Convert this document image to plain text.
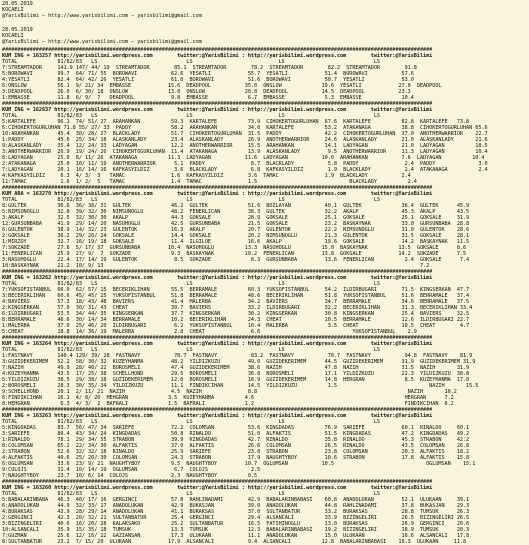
28.05.2019
KOCAELI
@YarisBilimi — http://www.yarisbilimi.com — yarisbilimi@gmail.com
28.05.2019
KOCAELI
@YarisBilimi — http://www.yarisbilimi.com — yarisbilimi@gmail.com
############################################################################################################################################
KUM ING = 163257 http://yarisbilimi.wordpress.com        twitter:@YarisBilimi : http://yarisbilimi.wordpress.com        twitter:@YarisBilimi
TOTAL             81/82/83   LS                             LS                            LS                             LS
7:STREAMTADOR     141.9 147/ 44/ 19  STREAMTADOR        85.1  STREAMTADOR        78.2  STREAMTADOR        82.2  STREAMTADOR        91.8
5:BOROWAVI        99.7  64/ 71/ 55  BOROWAVI           62.6  YESATLI            55.7  YESATLI            51.4  BOROWAVI           57.6
4:YESATLI         82.4  64/ 42/ 26  YESATLI            61.0  BOROWAVI           51.6  BOROWAVI           50.7  YESATLI            53.0
6:ONSLOW          56.1  9/ 21/ 34  EMBASSE            15.6  DEADPOOL           35.0  ONSLOW             19.6  YESATLI            27.0  DEADPOOL
3:DEADPOOL        26.0  6/ 30/ 18  ONSLOW             13.8  ONSLOW             20.8  DEADPOOL           14.5  DEADPOOL           23.3
1:EMBASSE         11.8  6/ 9/  7   DEADPOOL            9.8  EMBASSE             6.7  EMBASSE             5.3  EMBASSE             10.4
############################################################################################################################################
KUM ING = 162637 http://yarisbilimi.wordpress.com        twitter:@YarisBilimi : http://yarisbilimi.wordpress.com        twitter:@YarisBilimi
TOTAL             81/82/83   LS                             LS                            LS                             LS
5:KARTALEFE       96.1  74/ 51/ 27  ARAHANKAN          59.3  KARTALEFE          73.9  CIHOKERTOGURLUHAN  67.6  KARTALEFE          82.8  KARTALEFE   73.8
6:CIHOKERTOGURLUHAN 71.8 55/ 27/ 33  PADDY             58.2  ARAHANKAN          34.0  KARTALEFE          53.2  ATAKANAGA          38.8  CIHOKERTOGURLUHAN 65.6
10:ARAHANKAN      45.4  30/ 28/ 27  BLACKLADY          51.7  CIHOKERTOGURLUHAN  31.5  PADDY              42.2  CIHOKERTOGURLUHAN  37.0  ANOTHERWARRIOR    22.7
1:PADDY           45.6  25/ 34/ 18  ALASKANLADY        23.4  ALASKANLADY        26.9  ANOTHERWARRIOR     24.6  ALASKANLADY        21.0  ALASKANLADY       21.6
9:ALASKANLADY     35.4  12/ 24/ 33  LADYAGAN           12.2  ANOTHERWARRIOR     15.5  ARAHANKAN          14.1  LADYAGAN           21.0  LADYAGAN          18.5
3:ANOTHERWARRIOR  26.9  19/ 24/ 26  CIHOKERTOGURLUHAN  11.4  ATAKANAGA          13.9  ALASKANLADY         9.5  ANOTHERWARRIOR     11.3  LADYAGAN          10.4
8:LADYAGAN        25.0  8/ 11/ 26  ATAKANAGA          11.3  LADYAGAN           11.6  LADYAGAN           10.0  ARAHANKAN           7.6  LADYAGAN          10.4
2:ATAKANAGA       25.0  10/ 11/ 19  ANOTHERWARRIOR      5.1  PADDY               8.7  BLACKLADY           5.8  PADDY               2.4  PADDY              3.0
7:LADYAGAN        20.1  16/ 14/ 16  KAFKASYILDIZ        3.6  BLACKLADY           6.8  KAFKASYILDIZ        1.9  BLACKLADY           2.4  ATAKANAGA          2.4
4:KAFKASYILDIZ     6.3  4/ 3/  3   TAMAC               1.6  KAFKASYILDIZ        3.6  TAMAC               1.9  BLACKLADY           2.4
11:TAMAC           1.6  1/ 2/  5   TAMAC               1.4  TAMAC               1.5                              BLACKLADY          2.4
############################################################################################################################################
KUM ARA = 163270 http://yarisbilimi.wordpress.com        twitter:@YarisBilimi : http://yarisbilimi.wordpress.com        twitter:@YarisBilimi
TOTAL             81/82/83   LS                             LS                            LS                             LS
8:GULTEK          36.6  36/ 38/ 31  GULTEK             46.2  GULTEK             51.6  BOZLAYAN           40.1  GULTEK             36.4  GULTEK      45.9
5:NIMSUNOGLU      32.8  39/ 32/ 30  NIMSUNOGLU         48.2  FENERLICAN         38.3  GULTEK             32.2  AKALP              45.3  AKALP       43.5
3:AKALF           32.5  32/ 30/ 30  AKALP              44.3  GOKSALE            28.9  GOKSALE            25.1  GOKSALE            25.1  GOKSALE     31.9
12:GURSUNBABA     41.9  29/ 14/ 20  NASUHOGLU          42.5  GURSUNBABA         21.5  GOKSALE            23.2  BASKAYNAK          33.0  GURSUNBABA  28.8
6:GULENTOK        38.9  14/ 32/ 23  GULENTOK           16.3  AKALP              20.7  GULENTOK           22.2  NIMSUNOGLU         31.0  GULENTOK    28.6
2:GOKSALE         36.2  29/ 26/ 24  GOKSALE            14.4  GOKSALE            20.2  NIMSUNOGLU         21.3  GULENTOK           31.5  GOKSALE     28.1
1:MIRZOY          32.7  16/ 19/ 18  GOKSALE            11.4  ILGILOE            16.6  AKALP              19.6  GOKSALE            14.2  BASKAYNAK   11.5
7:SOKZADE         27.6  5/ 17/ 37  GURSUNBABA         10.4  NASUHOGLU          13.3  NASUHOGLU          15.0  BASKAYNAK          13.5  GOKSALE      8.6
11:FENERLICAN     25.9  27/ 9/  7  SOKZADE             9.3  BASKAYNAK          10.2  FENERLICAN         13.8  GOKSALE            14.2  SOKZADE      7.5
3:NASUHOGLU       22.4  17/ 14/ 19  GULENTOK            8.5  SOKZADE             8.3  GURSUNBABA         13.6  FENERLICAN          2.4  GOKSALE      7.4
10:BASKAYNAK      21.2  10/ 9/ 13                                                                                                       7.2
############################################################################################################################################
KUM ING = 163262 http://yarisbilimi.wordpress.com        twitter:@YarisBilimi : http://yarisbilimi.wordpress.com        twitter:@YarisBilimi
TOTAL             81/82/83   LS                             LS                            LS                             LS
7:YUKSOFISTANBUL  66.0  62/ 57/ 15  BECERIKLIHAN       55.5  BERRAMALE          60.3  YUKSOFISTANBUL     54.2  ILDIRBUGARI        71.5  KINGSERKAN  47.7
3:BECERIKLIHAN    60.6  45/ 45/ 25  YUKSOFISTANBUL     51.8  BERRAMALE          48.6  BECERIKLIHAN       51.8  YUKSOFISTANBUL     51.6  BERRAMALE   37.4
4:BAVIERS         57.3  18/ 43/ 48  BAVIERS            41.4  MALERBA            34.2  BAVIERS            34.7  BERRAMALE          34.6  BERRAMALE   37.5
2:KINGSERKAN      57.0  30/ 31/ 43  CHEAT              39.7  BAVIERS            33.2  ILDIRBUGARI        32.2  BECERIKLIHAN       31.3  BECERIKLIHAN 33.4
6:ILDIRBUGARI     53.5  34/ 44/ 35  KINGSERKAN         37.7  KINGSERKAN         30.2  KINGSERKAN         30.8  KINGSERKAN         25.4  BAVIERS     32.5
8:BERRAMALE       46.6  30/ 14/ 34  BERRAMALE          10.2  BECERIKLIHAN       24.3  CHEAT              10.5  BERRAMALE          12.6  ILDIRBUGARI 22.7
1:MALERBA         37.0  25/ 46/ 20  ILDIRBUGARI         6.2  YUKSOFISTANBUL     10.4  MALERBA             3.5  CHEAT              10.5  CHEAT        4.7
5:CHEAT           18.8  14/ 36/ 19  MALERBA             2.8  CHEAT               6.6                              YUKSOFISTANBUL    2.9
############################################################################################################################################
KUM ING = 163264 http://yarisbilimi.wordpress.com        twitter:@YarisBilimi : http://yarisbilimi.wordpress.com        twitter:@YarisBilimi
TOTAL             81/82/83   LS                             LS                            LS                             LS
1:FASTNAVY        140.4 129/ 39/ 28  FASTNAVY           78.7  FASTNAVY           83.2  FASTNAVY           70.7  FASTNAVY           94.8  FASTNAVY    81.9
3:GUZIDEKERIMEM   52.2  58/ 30/ 32  KUZEYHANMA         48.2  YILDIZKUZU         49.0  GUZIDEKERIMEM      44.5  GUZIDEKERIMEM      31.9  GUZIDEKERIMEM 31.9
7:NAZIH           49.9  28/ 40/ 22  BOROSMELI          47.4  GUZIDEKERIMEM      38.6  NAZIH              47.8  NAZIH              31.5  NAZIH       31.9
4:KUZEYHANMA      43.5  17/ 25/ 38  SCHELLHOND         29.5  BOROSMELI          36.8  BOROSMELI          17.1  YILDIZKUZU         22.3  YILDIZKUZU  30.8
5:YILDIZKUZU      38.5  29/ 38/ 18  GUZIDEKERIMEM      12.0  BOROSMELI          16.9  GUZIDEKERIMEM      14.8  HERGRAN             8.5  KUZEYHANMA  17.0
2:BOROSMELI       28.3  30/ 35/ 34  YILDIZKUZU         11.1  FINDIKCIHAN        14.5  YILDIZKUZU          1.5                              NAZIH       15.5
9:SCHELLHOND      20.1  2/ 11/ 21  NAZIH               4.5  NAZIH               8.8                                                 NAZIH       10.2
6:FINDIKCIHAN     16.1  4/ 8/ 20  HEHGRAN             3.5  KUZEYHANMA          4.6                                                 HERGRAN      7.2
8:HEHGRAN          6.3  4/ 3/  2  BAFRALI             1.5  BAFRALI             1.2                                                 FINDIKCIHAN  6.2
############################################################################################################################################
KUM ING = 163263 http://yarisbilimi.wordpress.com        twitter:@YarisBilimi : http://yarisbilimi.wordpress.com        twitter:@YarisBilimi
TOTAL             81/82/83   LS                             LS                            LS                             LS
5:KINGDADAS       83.7  56/ 47/ 34  SARIEFE            72.2  COLOMSAN           53.6  KINGDADAS          76.9  SARIEFE            60.1  RINALDO     60.1
3:SARIEFE         80.4  43/ 34/ 24  KINGDADAS          50.8  RINALDO            51.0  ALFAKTIS           51.5  KINGDADAS          47.2  KINGDADAS   49.2
1:RINALDO         78.1  29/ 34/ 55  STRABON            39.9  KINGDADAS          42.7  RINALDO            35.8  RINALDO            45.3  STRABON     42.2
8:COLOMSAN        65.2  22/ 34/ 30  ALFAKTIS           37.0  ALFAKTIS           26.6  COLOMSAN           26.5  RINALDO            43.5  COLOMSAN    26.8
2:STRABON         52.6  32/ 32/ 18  RINALDO            25.9  SARIEFE            23.8  STRABON            23.8  COLOMSAN           20.3  ALFAKTIS    18.2
4:ALFAKTIS        40.6  25/ 20/ 30  COLOMSAN           24.3  STRABON            17.9  NAUGHTYBOY         10.6  STRABON            17.8  ALFAKTIS    15.8
6:OGLUMSAN        33.6  23/ 9/ 21  NAUGHTYBOY          9.5  NAUGHTYBOY         10.7  OGLUMSAN           10.5                              OGLUMSAN    15.1
9:COLOJS          31.4  10/ 14/ 19  OGLUMSAN            6.7  COLOJS              2.5
7:NAUGHTYBOY      23.7  10/ 6/ 14  COLOJS              2.3  NAUGHTYBOY          0.5
############################################################################################################################################
KUM ING = 163260 http://yarisbilimi.wordpress.com        twitter:@YarisBilimi : http://yarisbilimi.wordpress.com        twitter:@YarisBilimi
TOTAL             81/82/83   LS                             LS                            LS                             LS
5:BABALARINBABA   46.3  40/ 17/ 16  GERGINCI           57.8  RAHLINADAMI        42.9  BABALARINBABASI    60.8  ANADOLUKAN         52.1  ULUKAAN     39.1
6:ANADOLUKAN      44.9  32/ 33/ 17  ANADOLUKAN         42.9  BUKASJAN           39.0  ANADOLUKAN         44.8  RAHLINADAMI        37.8  BUKASJAN    29.3
4:BURAKSAS        43.9  28/ 29/ 14  ANADOLUKAN         41.1  BURAKSAS           37.0  SULTANBATUR        33.2  BURAKSAS           28.8  TUMSUK      26.3
2:GERGINCI        42.3  20/ 32/ 21  SULTANBATUR        25.4  GERGINCI           29.4  ALSANCALI          33.9  BIZINGELIRI        26.5  BIZINGELIRI 26.5
3:BIZINGELIRI     40.6  16/ 20/ 28  KALAKSAKO          25.2  SULTANBATUR        16.5  FATIHINOGLU        13.0  BURAKSAS           26.9  GERGINCI    20.6
10:ALSANCALI      35.9  15/ 35/ 18  TUMSUK             13.3  TUMSUK             12.3  BABALARINBABASI    19.2  BIZINGELIRI        18.9  TUMSUK      20.3
7:GUZMAN          25.6  12/ 16/ 22  GAZIANSAN          17.3  ULUKAAN            11.1  ANADOLUKAN         15.0  ULUKAAN            16.6  ALSANCALI   17.8
8:SULTANBATUR     23.2  7/ 15/ 20  ULUKAAN            17.9  ALSANCALI           9.4  ALSANCALI          12.8  BABALARINBABASI    16.3  ULUKAAN     11.8
